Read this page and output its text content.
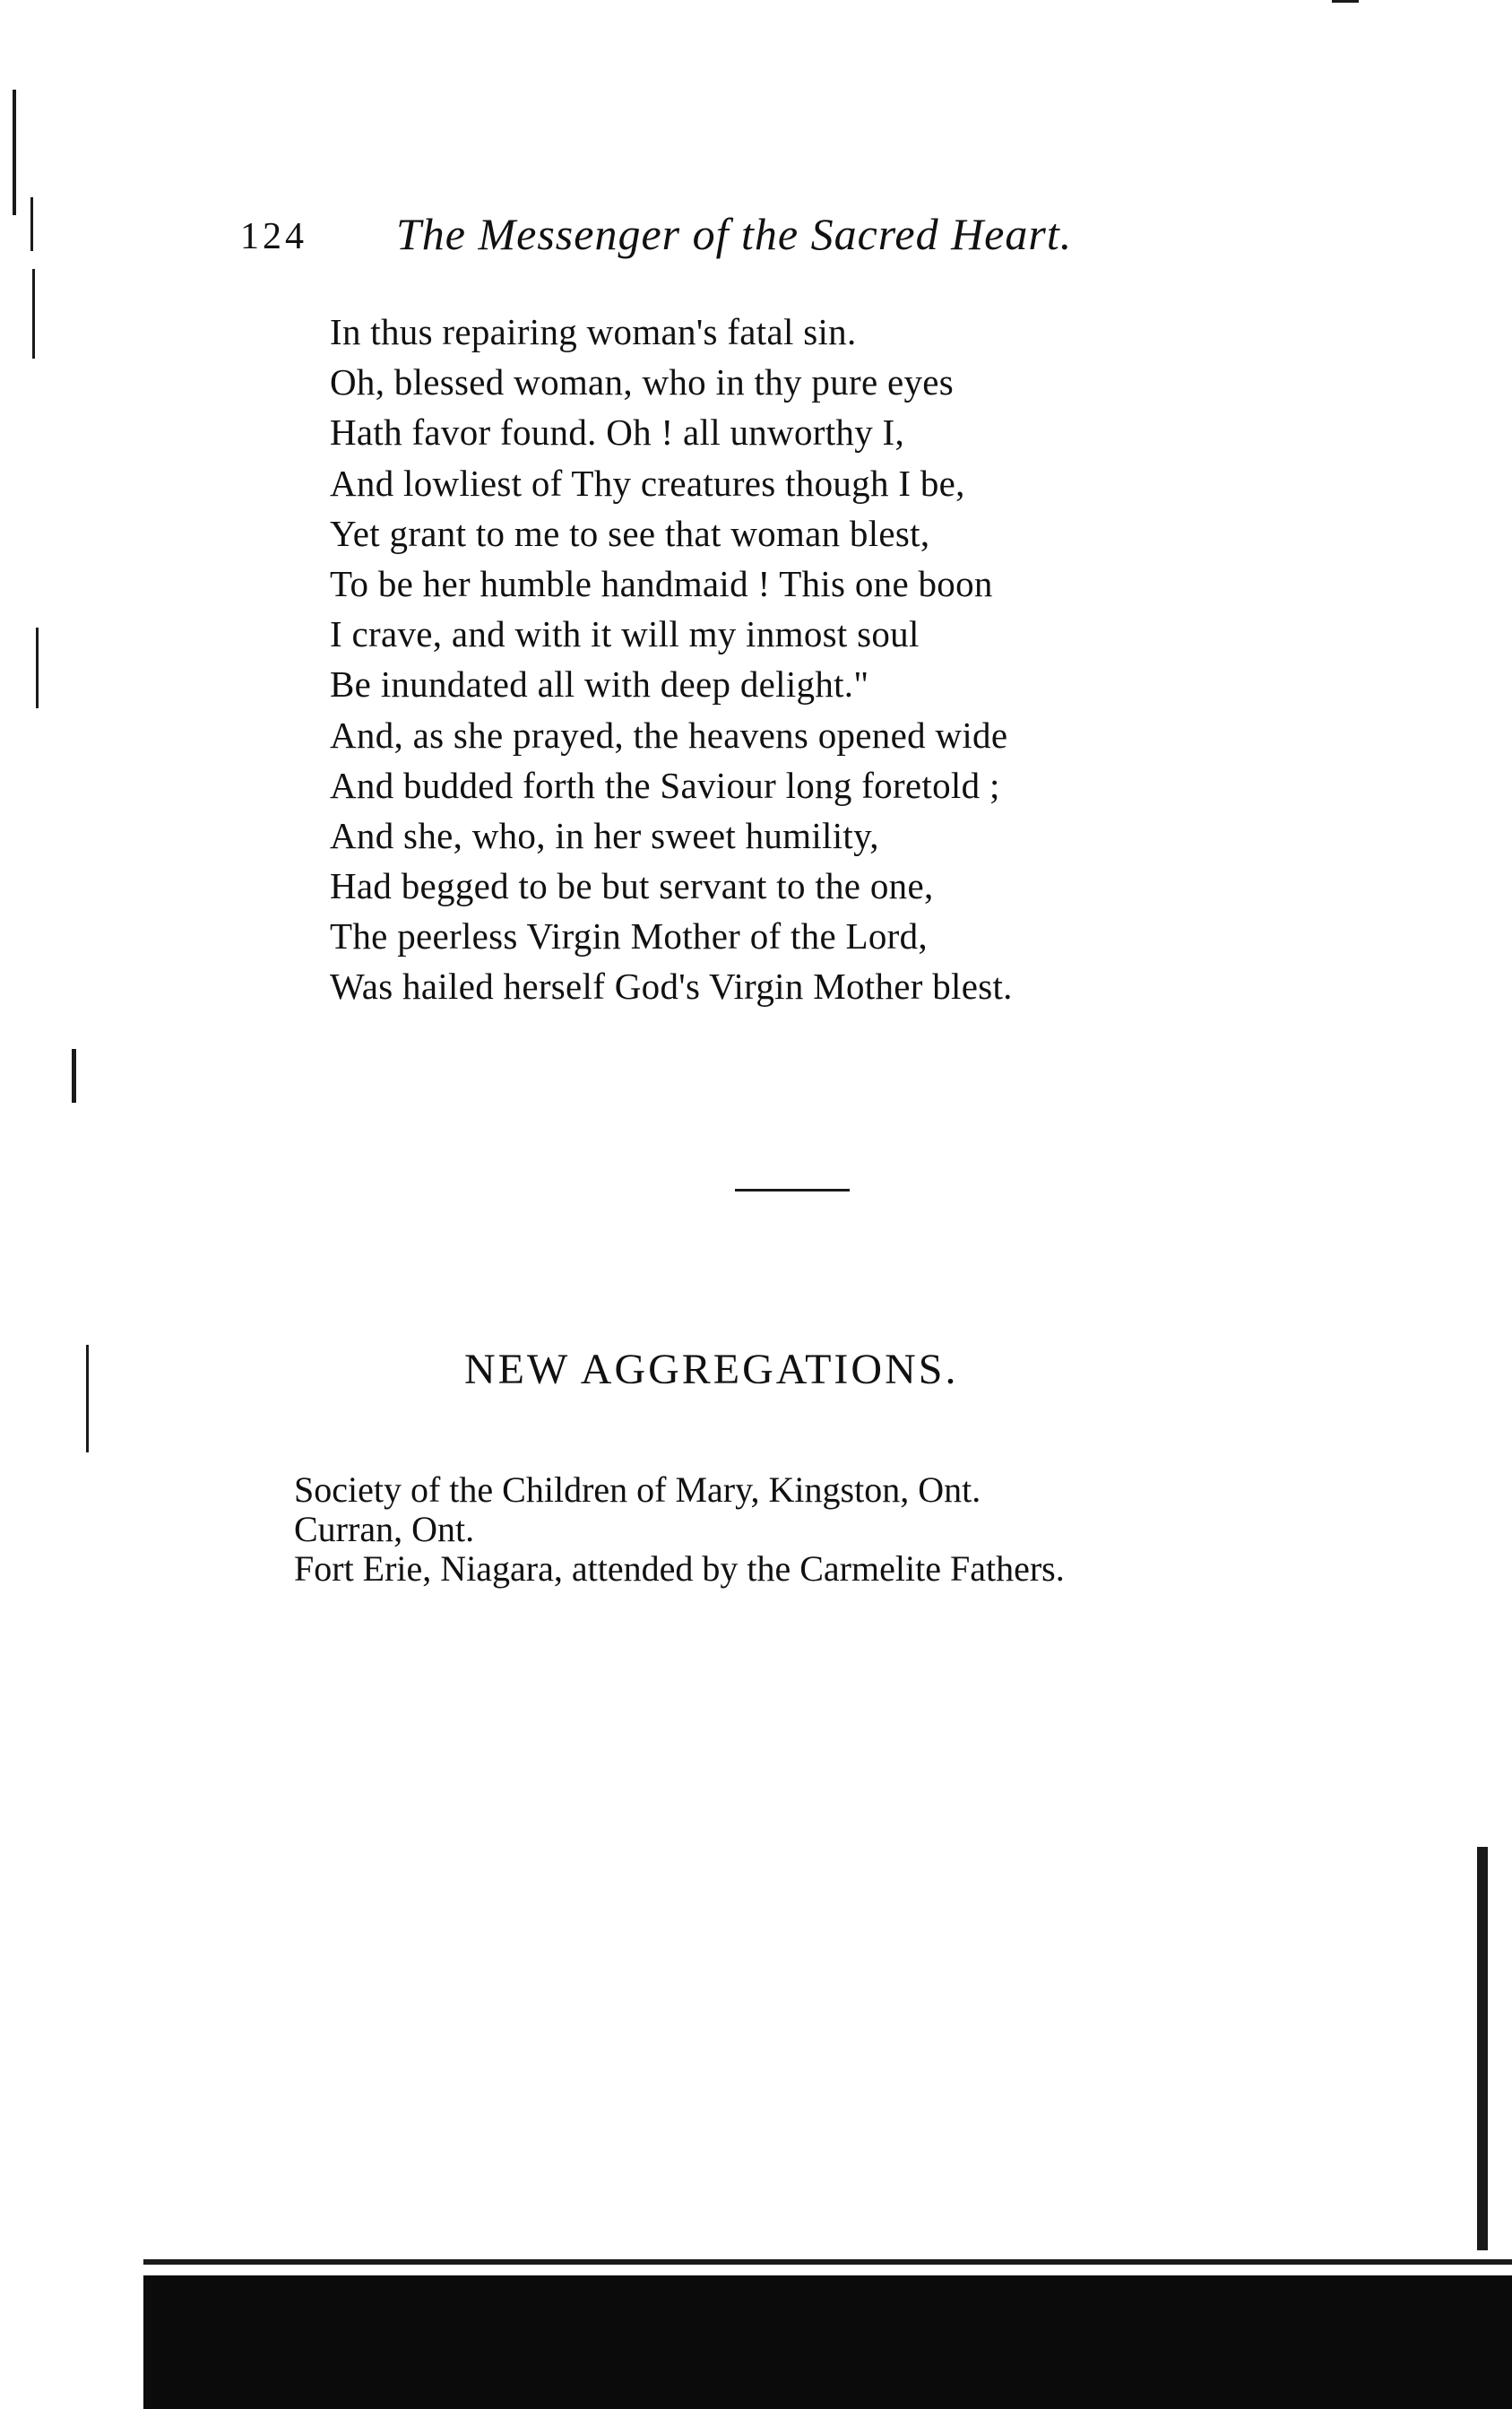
124 The Messenger of the Sacred Heart.
In thus repairing woman's fatal sin.
Oh, blessed woman, who in thy pure eyes
Hath favor found. Oh ! all unworthy I,
And lowliest of Thy creatures though I be,
Yet grant to me to see that woman blest,
To be her humble handmaid ! This one boon
I crave, and with it will my inmost soul
Be inundated all with deep delight."
And, as she prayed, the heavens opened wide
And budded forth the Saviour long foretold ;
And she, who, in her sweet humility,
Had begged to be but servant to the one,
The peerless Virgin Mother of the Lord,
Was hailed herself God's Virgin Mother blest.
NEW AGGREGATIONS.
Society of the Children of Mary, Kingston, Ont.
Curran, Ont.
Fort Erie, Niagara, attended by the Carmelite Fathers.
